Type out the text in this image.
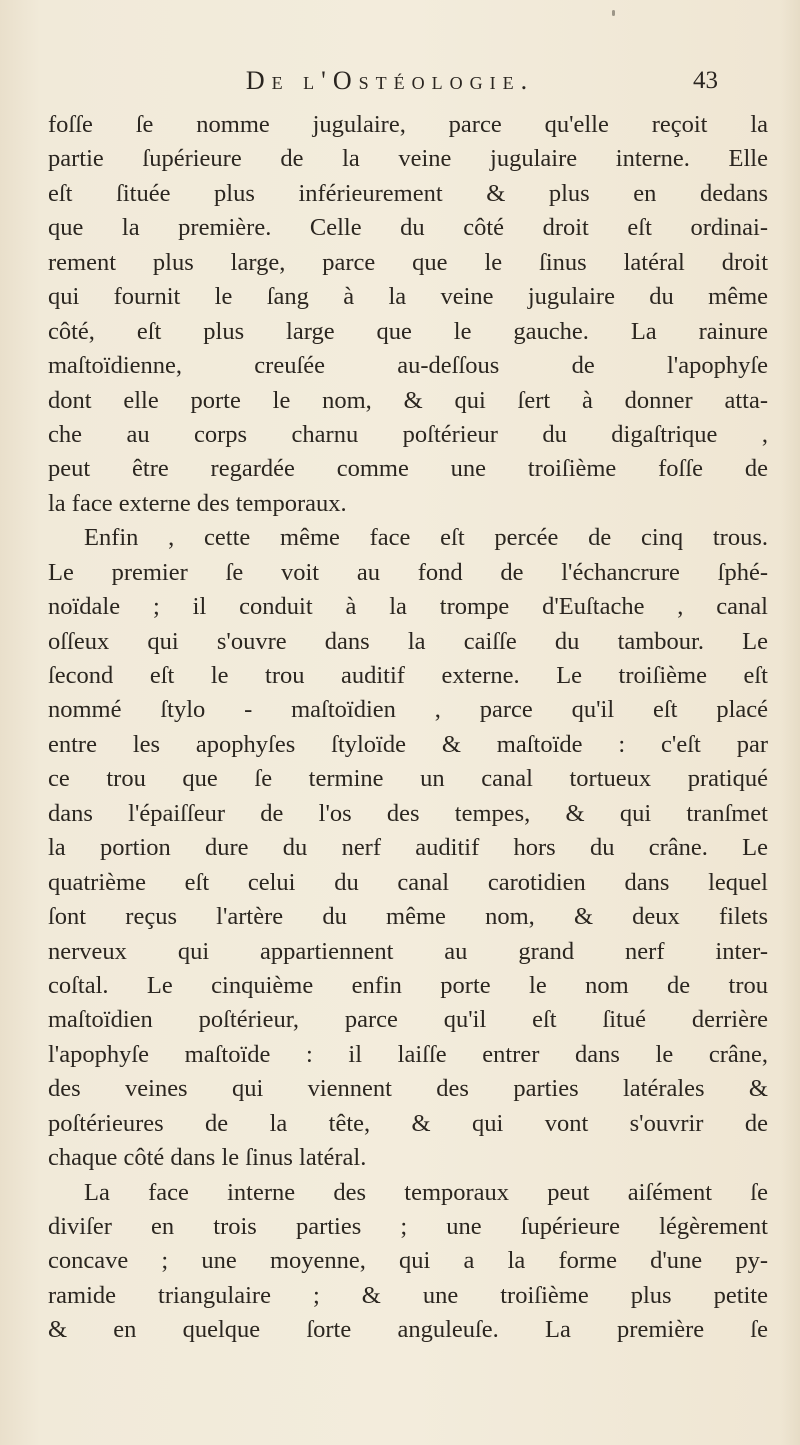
De l'Ostéologie.	43
foſſe ſe nomme jugulaire, parce qu'elle reçoit la
partie ſupérieure de la veine jugulaire interne. Elle
eſt ſituée plus inférieurement & plus en dedans
que la première. Celle du côté droit eſt ordinai-
rement plus large, parce que le ſinus latéral droit
qui fournit le ſang à la veine jugulaire du même
côté, eſt plus large que le gauche. La rainure
maſtoïdienne, creuſée au-deſſous de l'apophyſe
dont elle porte le nom, & qui ſert à donner atta-
che au corps charnu poſtérieur du digaſtrique ,
peut être regardée comme une troiſième foſſe de
la face externe des temporaux.
Enfin , cette même face eſt percée de cinq trous.
Le premier ſe voit au fond de l'échancrure ſphé-
noïdale ; il conduit à la trompe d'Euſtache , canal
oſſeux qui s'ouvre dans la caiſſe du tambour. Le
ſecond eſt le trou auditif externe. Le troiſième eſt
nommé ſtylo - maſtoïdien , parce qu'il eſt placé
entre les apophyſes ſtyloïde & maſtoïde : c'eſt par
ce trou que ſe termine un canal tortueux pratiqué
dans l'épaiſſeur de l'os des tempes, & qui tranſmet
la portion dure du nerf auditif hors du crâne. Le
quatrième eſt celui du canal carotidien dans lequel
ſont reçus l'artère du même nom, & deux filets
nerveux qui appartiennent au grand nerf inter-
coſtal. Le cinquième enfin porte le nom de trou
maſtoïdien poſtérieur, parce qu'il eſt ſitué derrière
l'apophyſe maſtoïde : il laiſſe entrer dans le crâne,
des veines qui viennent des parties latérales &
poſtérieures de la tête, & qui vont s'ouvrir de
chaque côté dans le ſinus latéral.
La face interne des temporaux peut aiſément ſe
diviſer en trois parties ; une ſupérieure légèrement
concave ; une moyenne, qui a la forme d'une py-
ramide triangulaire ; & une troiſième plus petite
& en quelque ſorte anguleuſe. La première ſe
